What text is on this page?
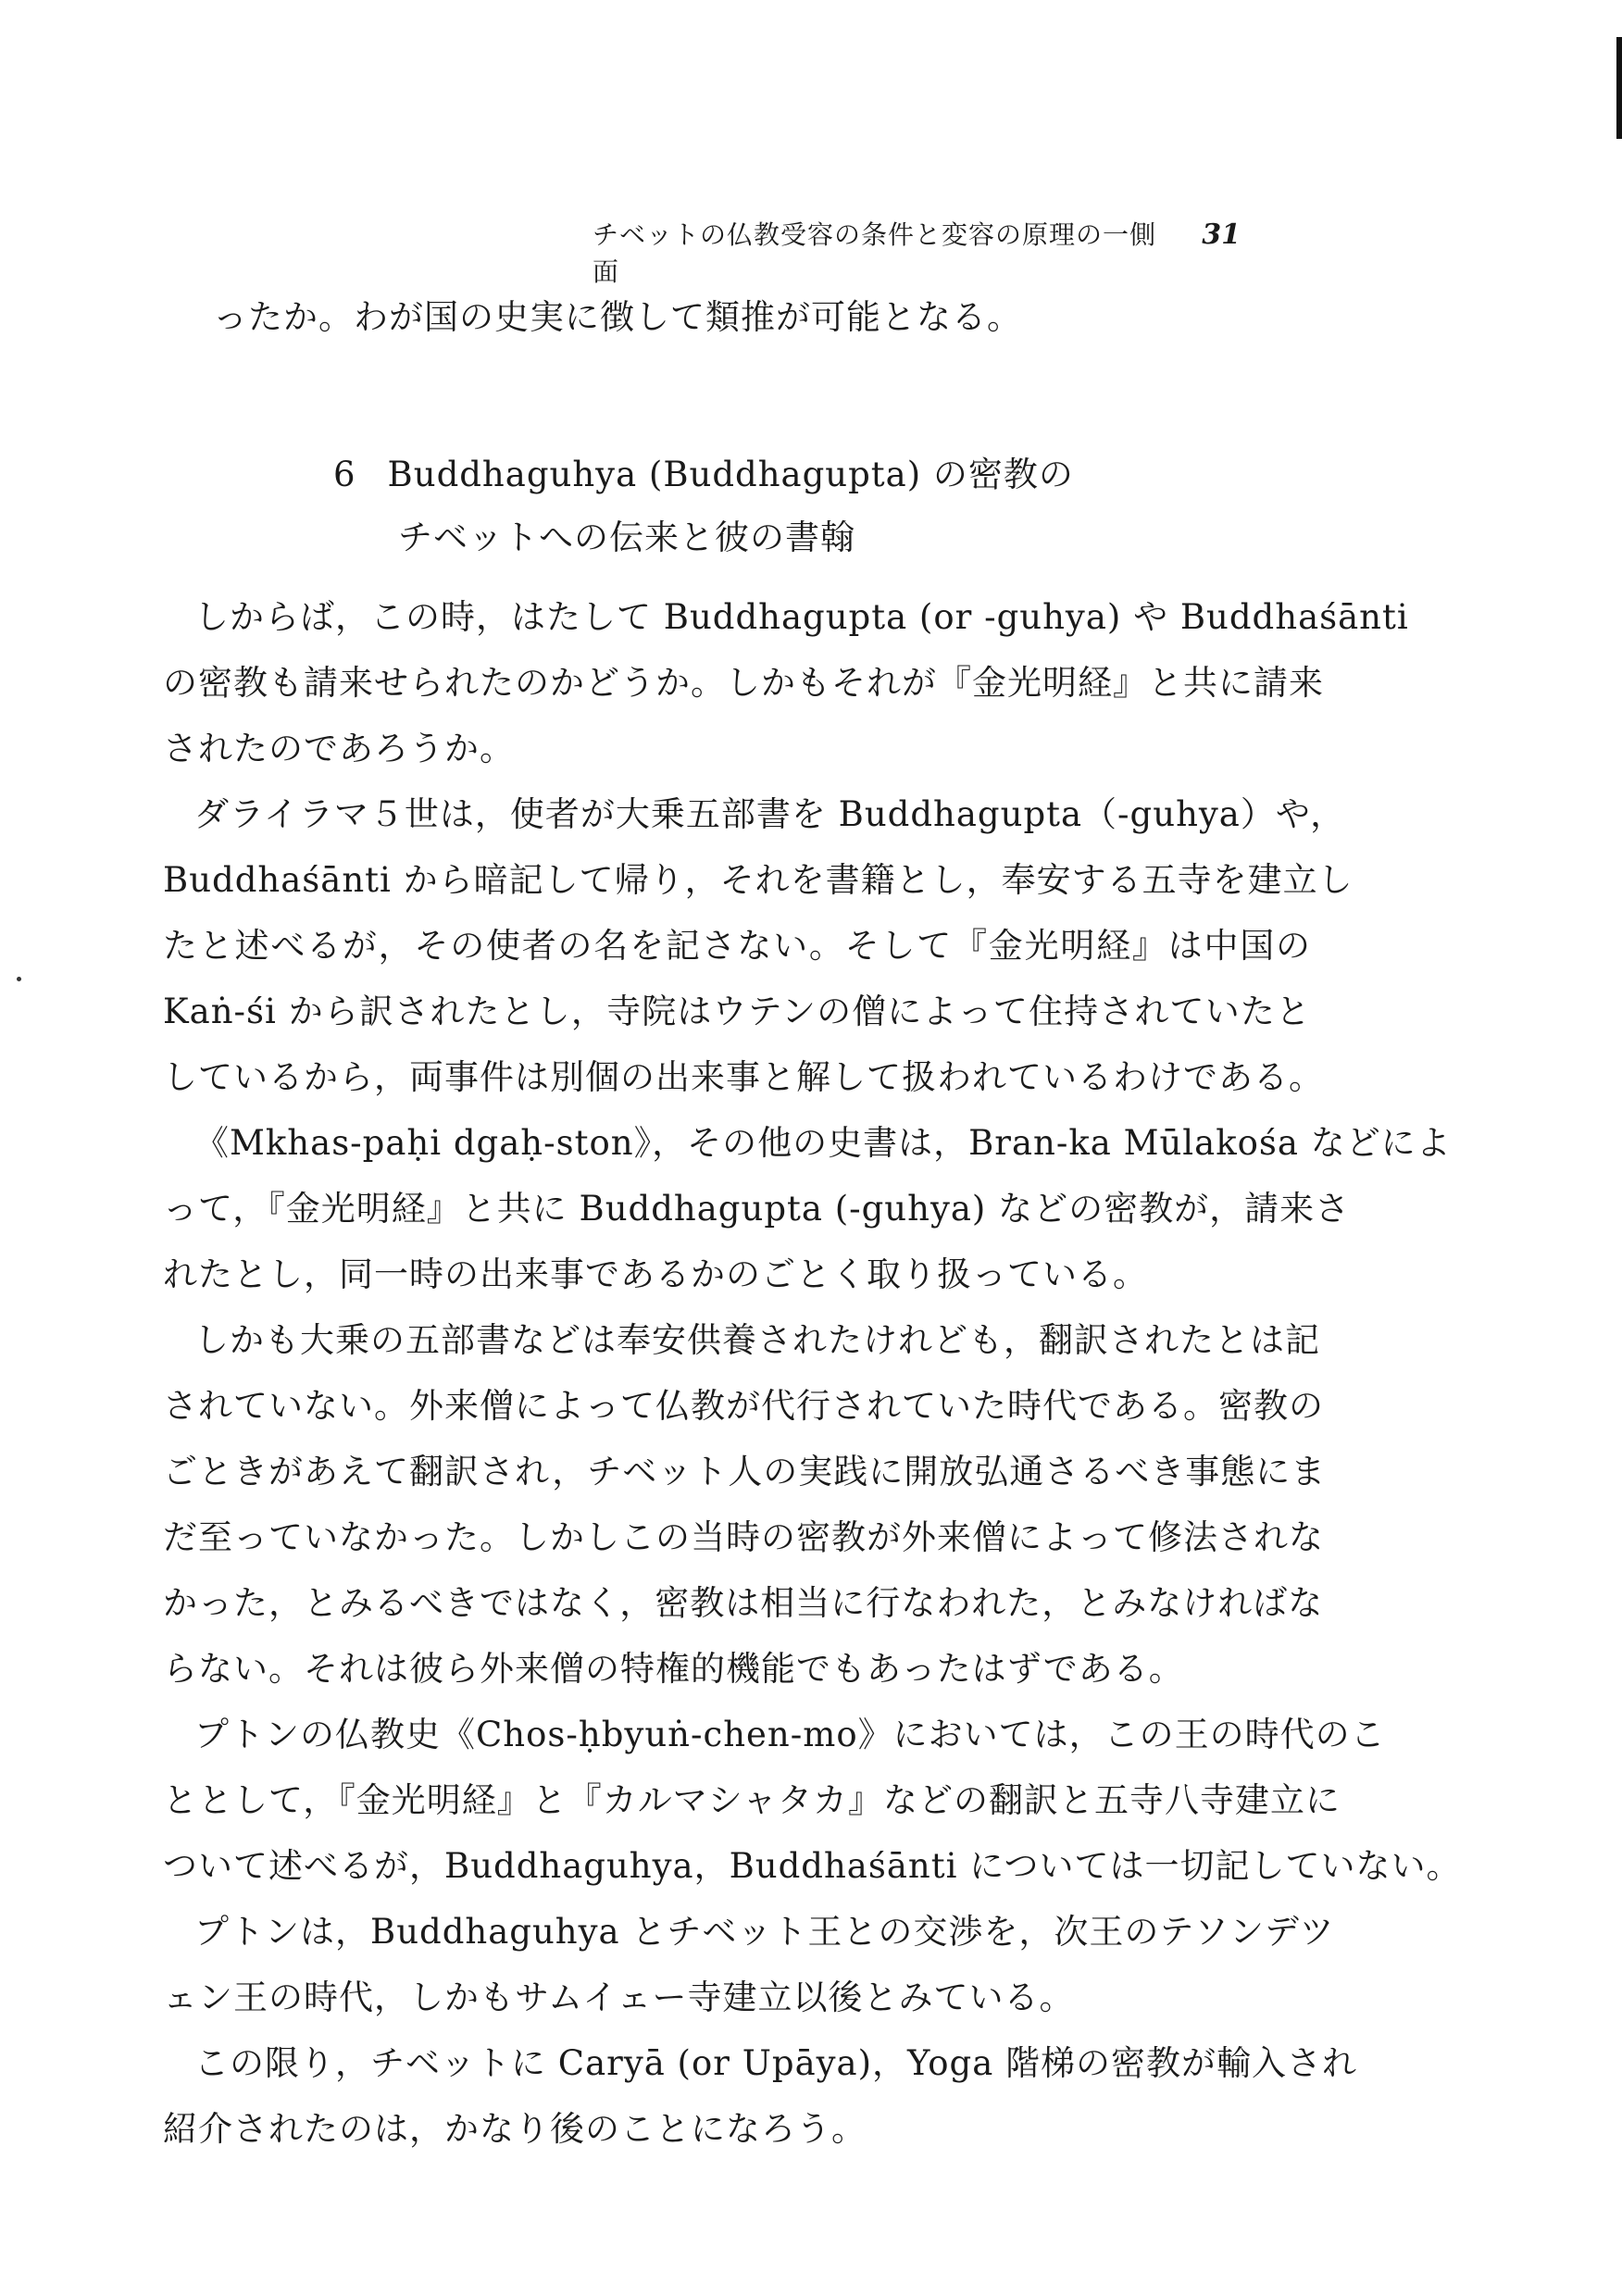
チベットの仏教受容の条件と変容の原理の一側面
31
ったか。わが国の史実に徴して類推が可能となる。
6 Buddhaguhya (Buddhagupta) の密教の
チベットへの伝来と彼の書翰
しからば，この時，はたして Buddhagupta (or -guhya) や Buddhaśānti
の密教も請来せられたのかどうか。しかもそれが『金光明経』と共に請来
されたのであろうか。
ダライラマ５世は，使者が大乗五部書を Buddhagupta（-guhya）や，
Buddhaśānti から暗記して帰り，それを書籍とし，奉安する五寺を建立し
たと述べるが，その使者の名を記さない。そして『金光明経』は中国の
Kaṅ-śi から訳されたとし，寺院はウテンの僧によって住持されていたと
しているから，両事件は別個の出来事と解して扱われているわけである。
《Mkhas-paḥi dgaḥ-ston》，その他の史書は，Bran-ka Mūlakośa などによ
って，『金光明経』と共に Buddhagupta (-guhya) などの密教が，請来さ
れたとし，同一時の出来事であるかのごとく取り扱っている。
しかも大乗の五部書などは奉安供養されたけれども，翻訳されたとは記
されていない。外来僧によって仏教が代行されていた時代である。密教の
ごときがあえて翻訳され，チベット人の実践に開放弘通さるべき事態にま
だ至っていなかった。しかしこの当時の密教が外来僧によって修法されな
かった，とみるべきではなく，密教は相当に行なわれた，とみなければな
らない。それは彼ら外来僧の特権的機能でもあったはずである。
プトンの仏教史《Chos-ḥbyuṅ-chen-mo》においては，この王の時代のこ
ととして，『金光明経』と『カルマシャタカ』などの翻訳と五寺八寺建立に
ついて述べるが，Buddhaguhya，Buddhaśānti については一切記していない。
プトンは，Buddhaguhya とチベット王との交渉を，次王のテソンデツ
ェン王の時代，しかもサムイェー寺建立以後とみている。
この限り，チベットに Caryā (or Upāya)，Yoga 階梯の密教が輸入され
紹介されたのは，かなり後のことになろう。
